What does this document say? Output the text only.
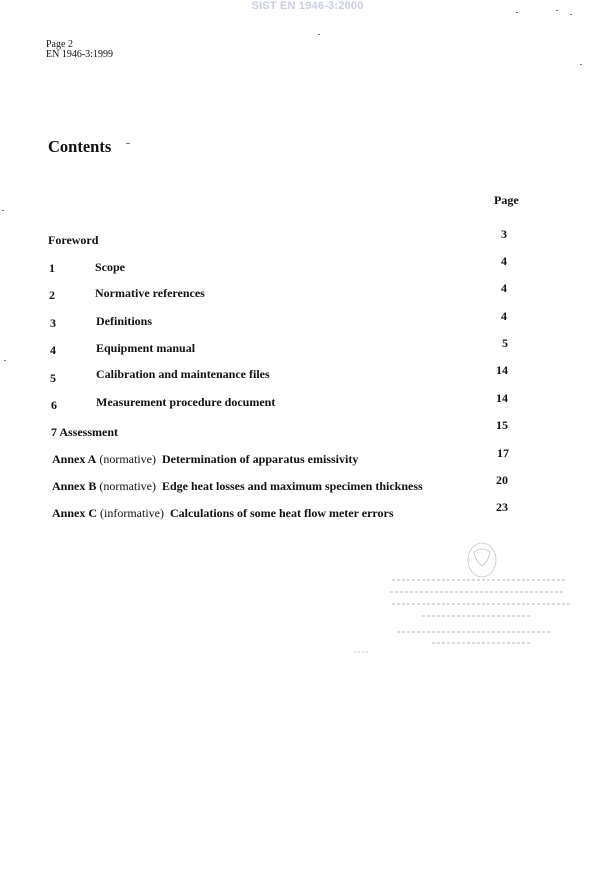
SIST EN 1946-3:2000
Page 2
EN 1946-3:1999
Contents
Page
Foreword	3
1	Scope	4
2	Normative references	4
3	Definitions	4
4	Equipment manual	5
5	Calibration and maintenance files	14
6	Measurement procedure document	14
7 Assessment	15
Annex A (normative) Determination of apparatus emissivity	17
Annex B (normative) Edge heat losses and maximum specimen thickness	20
Annex C (informative) Calculations of some heat flow meter errors	23
